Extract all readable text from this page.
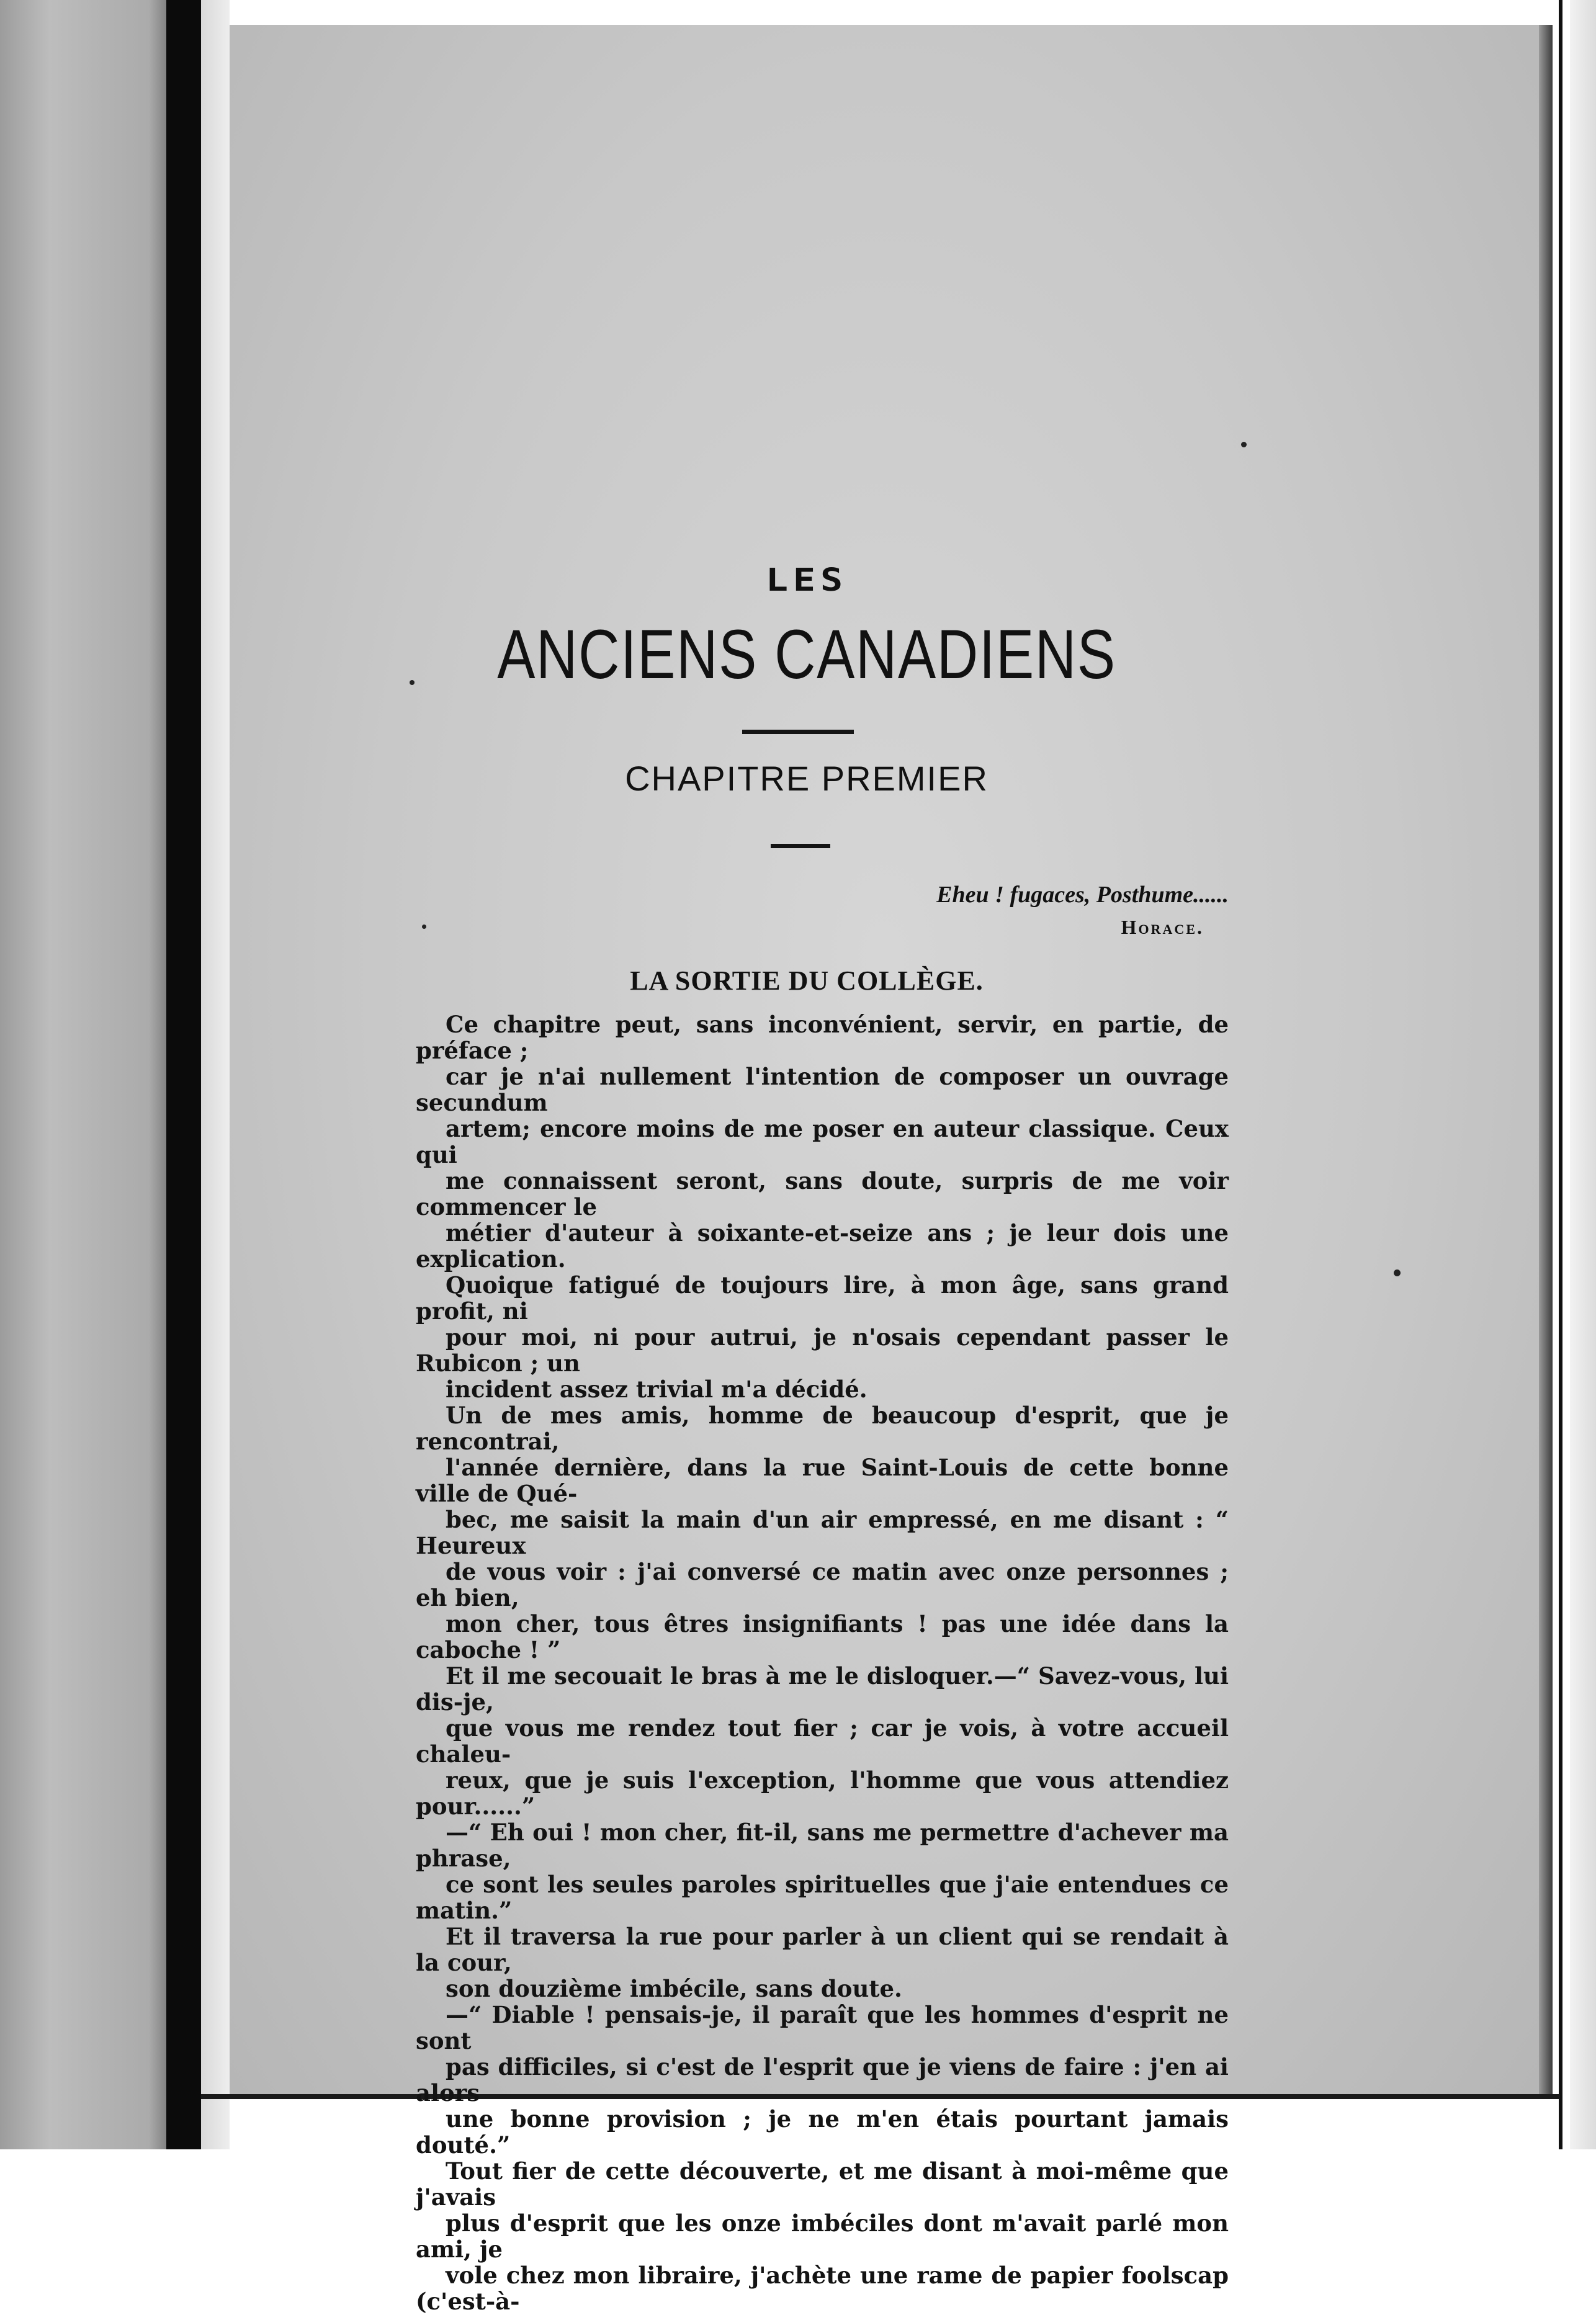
LES
ANCIENS CANADIENS
CHAPITRE PREMIER
Eheu ! fugaces, Posthume......
Horace.
LA SORTIE DU COLLÈGE.

Ce chapitre peut, sans inconvénient, servir, en partie, de préface ;
car je n'ai nullement l'intention de composer un ouvrage secundum
artem; encore moins de me poser en auteur classique. Ceux qui
me connaissent seront, sans doute, surpris de me voir commencer le
métier d'auteur à soixante-et-seize ans ; je leur dois une explication.
Quoique fatigué de toujours lire, à mon âge, sans grand profit, ni
pour moi, ni pour autrui, je n'osais cependant passer le Rubicon ; un
incident assez trivial m'a décidé.

Un de mes amis, homme de beaucoup d'esprit, que je rencontrai,
l'année dernière, dans la rue Saint-Louis de cette bonne ville de Qué-
bec, me saisit la main d'un air empressé, en me disant : “ Heureux
de vous voir : j'ai conversé ce matin avec onze personnes ; eh bien,
mon cher, tous êtres insignifiants ! pas une idée dans la caboche ! ”
Et il me secouait le bras à me le disloquer.—“ Savez-vous, lui dis-je,
que vous me rendez tout fier ; car je vois, à votre accueil chaleu-
reux, que je suis l'exception, l'homme que vous attendiez pour......”
—“ Eh oui ! mon cher, fit-il, sans me permettre d'achever ma phrase,
ce sont les seules paroles spirituelles que j'aie entendues ce matin.”
Et il traversa la rue pour parler à un client qui se rendait à la cour,
son douzième imbécile, sans doute.

—“ Diable ! pensais-je, il paraît que les hommes d'esprit ne sont
pas difficiles, si c'est de l'esprit que je viens de faire : j'en ai alors
une bonne provision ; je ne m'en étais pourtant jamais douté.”

Tout fier de cette découverte, et me disant à moi-même que j'avais
plus d'esprit que les onze imbéciles dont m'avait parlé mon ami, je
vole chez mon libraire, j'achète une rame de papier foolscap (c'est-à-
